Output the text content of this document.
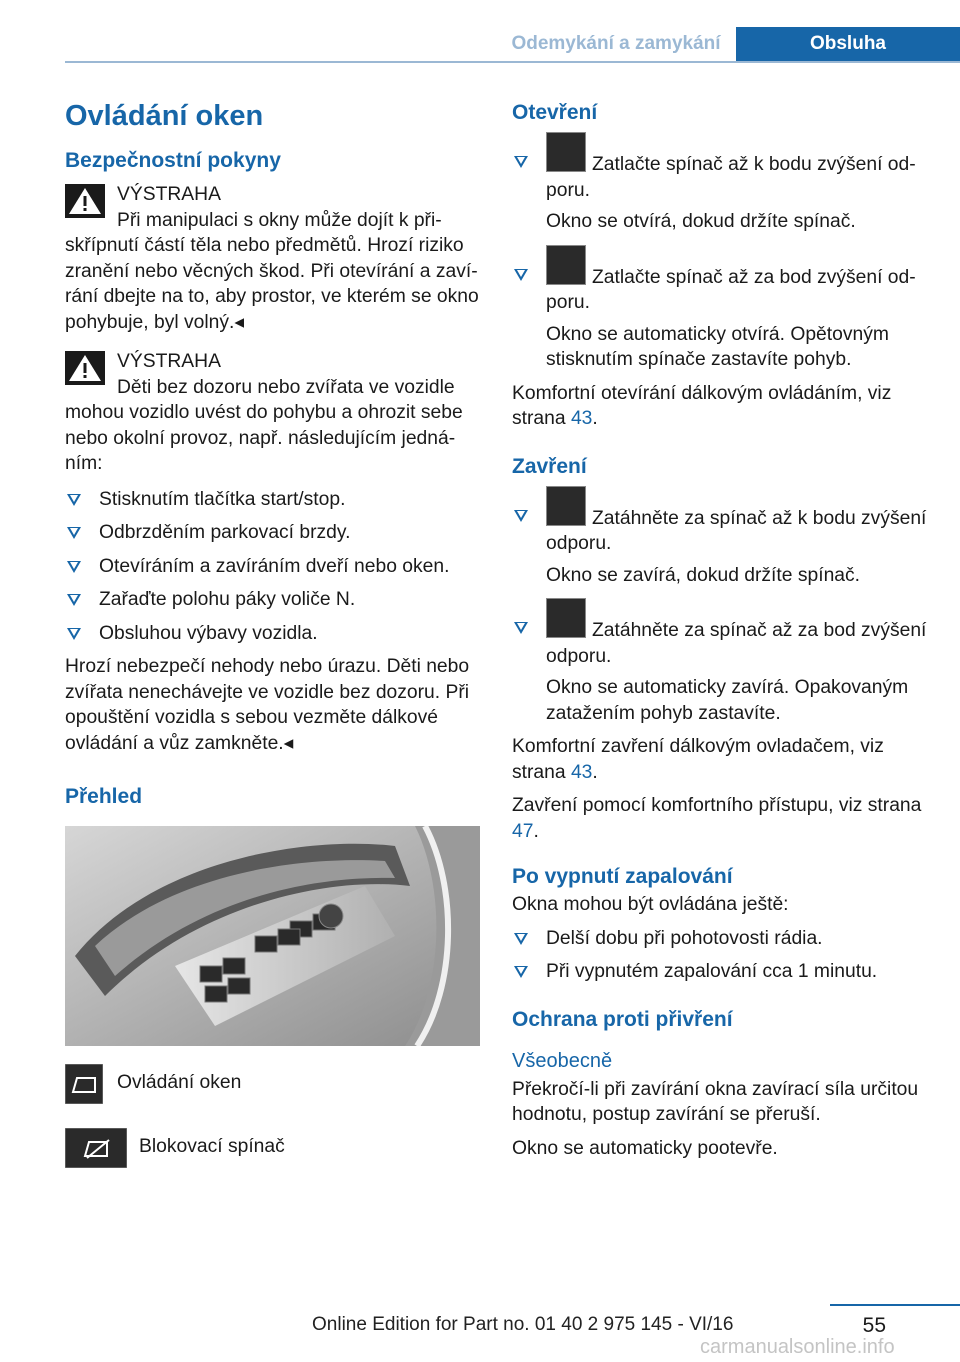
Odemykání a zamykání	Obsluha
Ovládání oken
Bezpečnostní pokyny
VÝSTRAHA
Při manipulaci s okny může dojít k přiskřípnutí částí těla nebo předmětů. Hrozí riziko zranění nebo věcných škod. Při otevírání a zavírání dbejte na to, aby prostor, ve kterém se okno pohybuje, byl volný.◂
VÝSTRAHA
Děti bez dozoru nebo zvířata ve vozidle mohou vozidlo uvést do pohybu a ohrozit sebe nebo okolní provoz, např. následujícím jednáním:
Stisknutím tlačítka start/stop.
Odbrzděním parkovací brzdy.
Otevíráním a zavíráním dveří nebo oken.
Zařaďte polohu páky voliče N.
Obsluhou výbavy vozidla.

Hrozí nebezpečí nehody nebo úrazu. Děti nebo zvířata nenechávejte ve vozidle bez dozoru. Při opouštění vozidla s sebou vezměte dálkové ovládání a vůz zamkněte.◂

Přehled
Ovládání oken
Blokovací spínač
Otevření
Zatlačte spínač až k bodu zvýšení odporu.
Okno se otvírá, dokud držíte spínač.
Zatlačte spínač až za bod zvýšení odporu.
Okno se automaticky otvírá. Opětovným stisknutím spínače zastavíte pohyb.

Komfortní otevírání dálkovým ovládáním, viz strana 43.

Zavření
Zatáhněte za spínač až k bodu zvýšení odporu.
Okno se zavírá, dokud držíte spínač.
Zatáhněte za spínač až za bod zvýšení odporu.
Okno se automaticky zavírá. Opakovaným zatažením pohyb zastavíte.

Komfortní zavření dálkovým ovladačem, viz strana 43.

Zavření pomocí komfortního přístupu, viz strana 47.

Po vypnutí zapalování

Okna mohou být ovládána ještě:

Delší dobu při pohotovosti rádia.
Při vypnutém zapalování cca 1 minutu.
Ochrana proti přivření
Všeobecně

Překročí-li při zavírání okna zavírací síla určitou hodnotu, postup zavírání se přeruší.

Okno se automaticky pootevře.

55
Online Edition for Part no. 01 40 2 975 145 - VI/16
carmanualsonline.info
